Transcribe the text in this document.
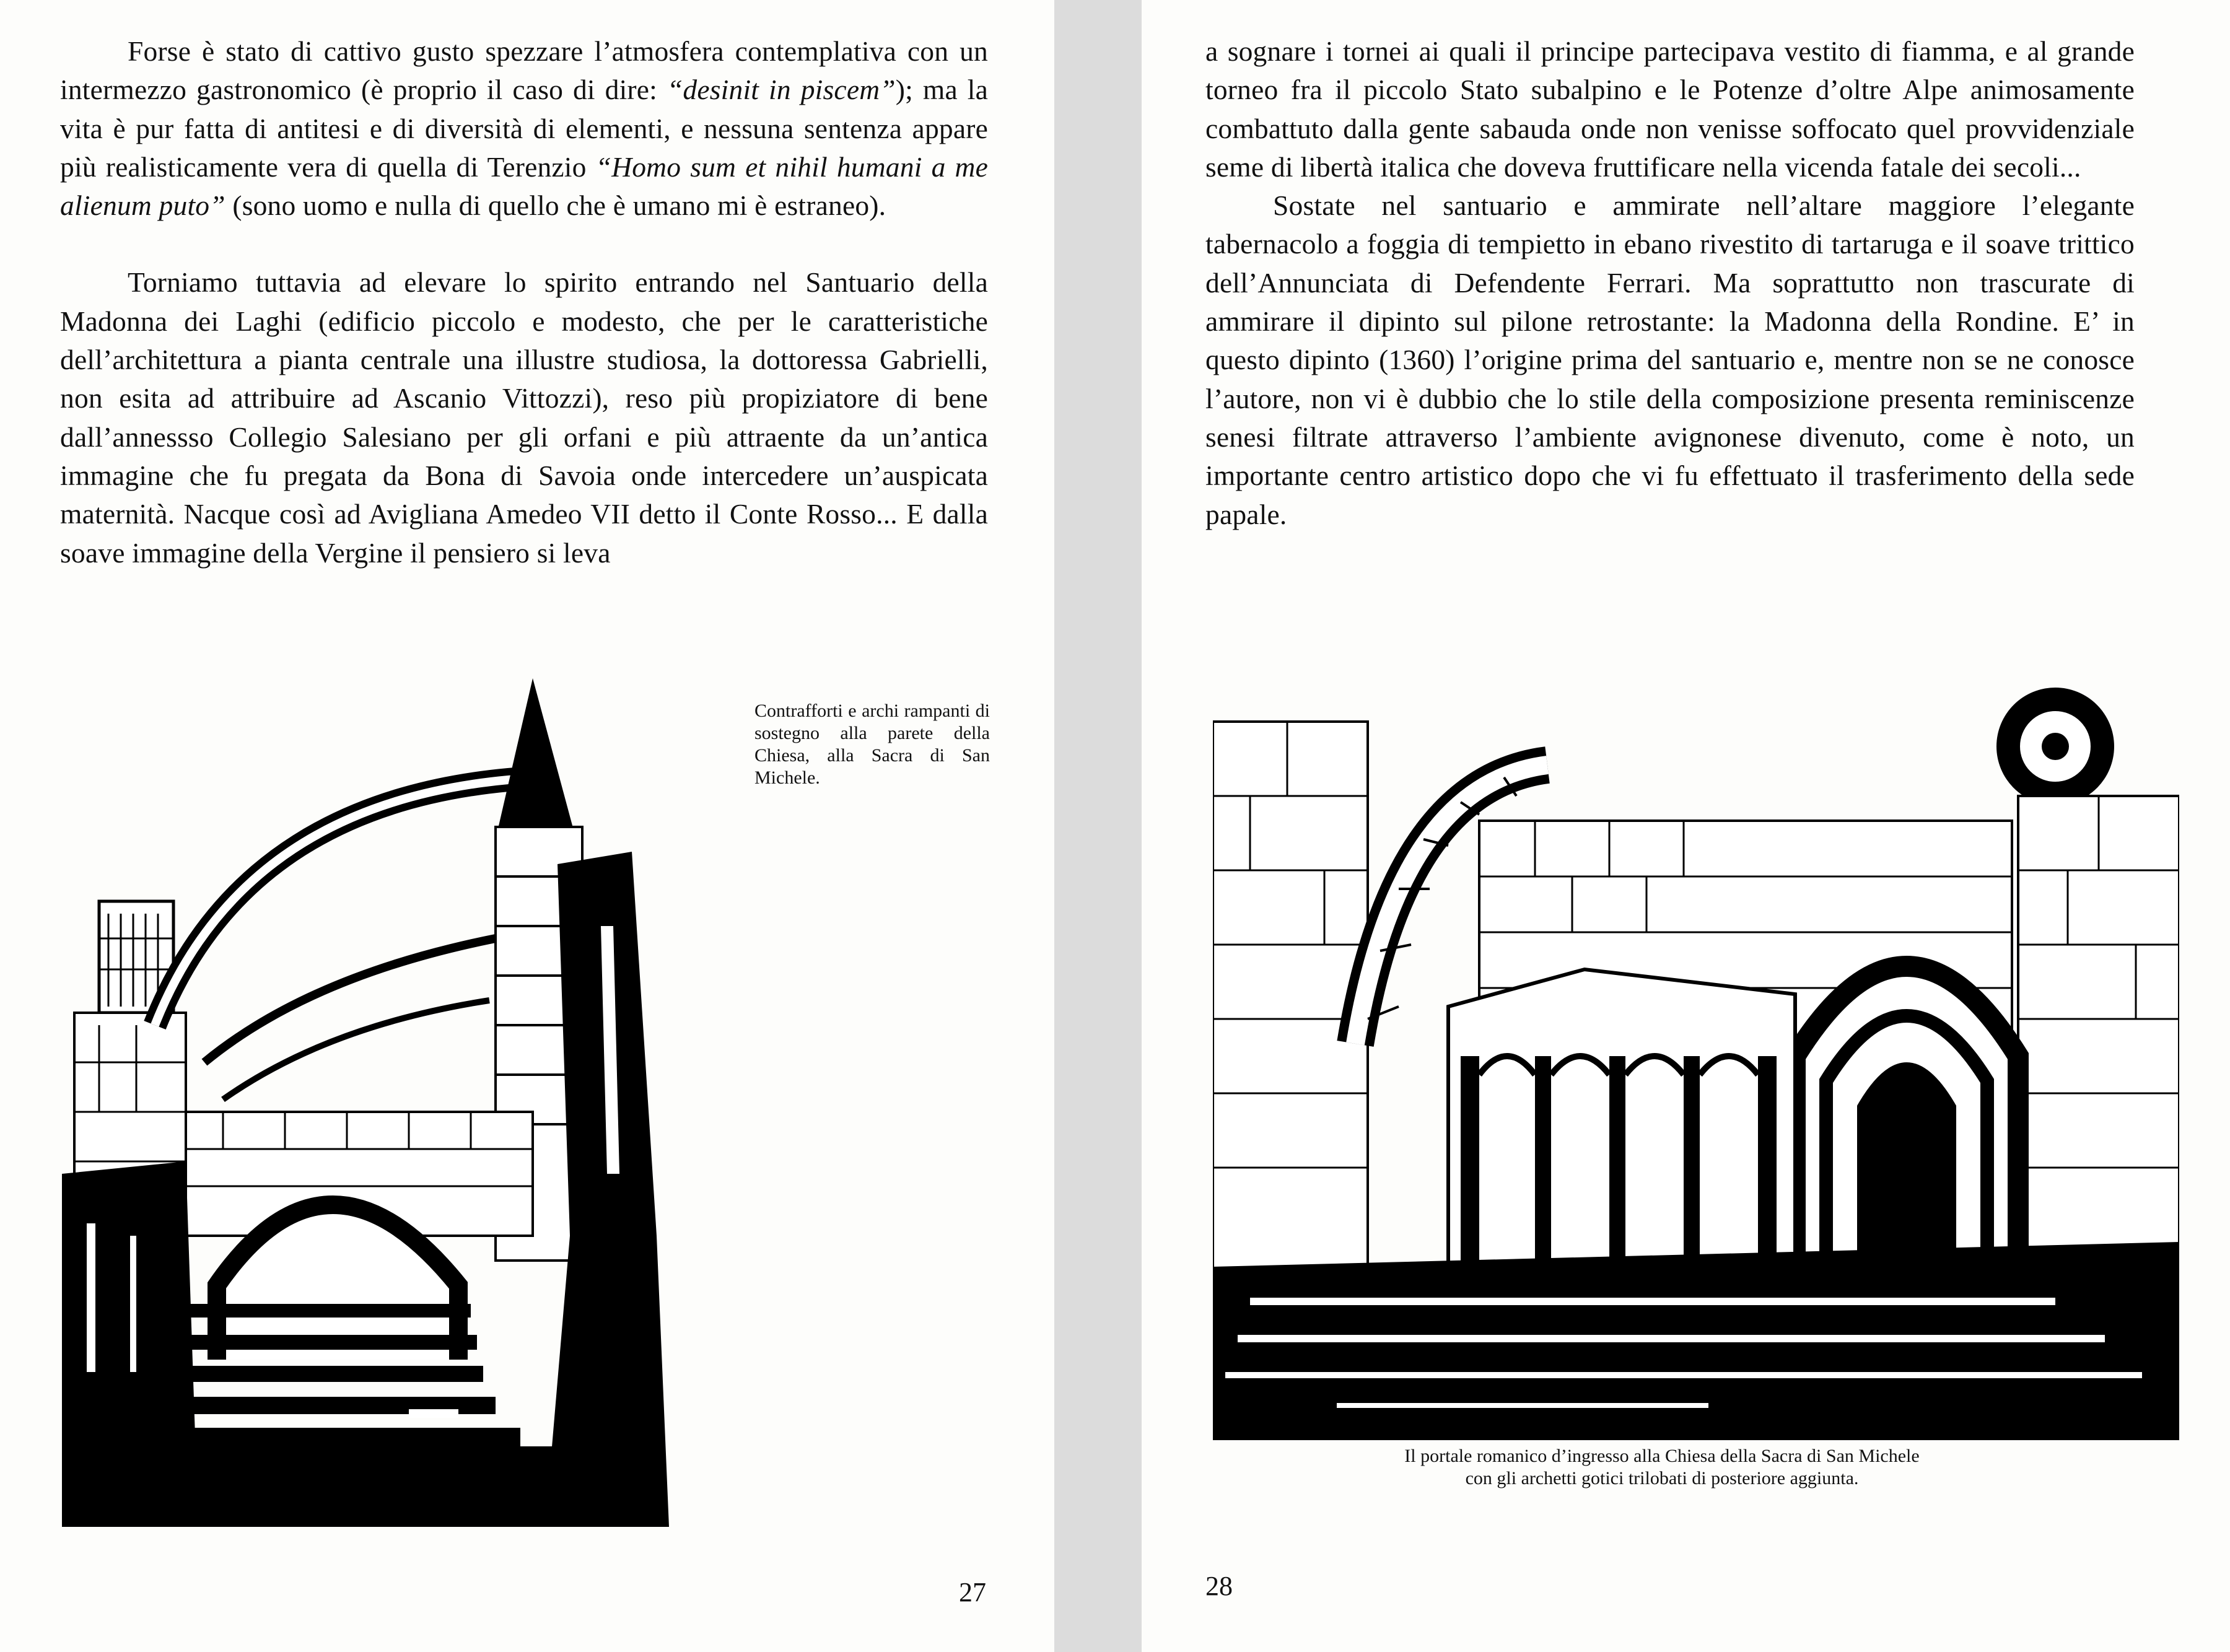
Forse è stato di cattivo gusto spezzare l’atmosfera contemplativa con un intermezzo gastronomico (è proprio il caso di dire: “desinit in piscem”); ma la vita è pur fatta di antitesi e di diversità di elementi, e nessuna sentenza appare più realisticamente vera di quella di Terenzio “Homo sum et nihil humani a me alienum puto” (sono uomo e nulla di quello che è umano mi è estraneo).

Torniamo tuttavia ad elevare lo spirito entrando nel Santuario della Madonna dei Laghi (edificio piccolo e modesto, che per le caratteristiche dell’architettura a pianta centrale una illustre studiosa, la dottoressa Gabrielli, non esita ad attribuire ad Ascanio Vittozzi), reso più propiziatore di bene dall’annessso Collegio Salesiano per gli orfani e più attraente da un’antica immagine che fu pregata da Bona di Savoia onde intercedere un’auspicata maternità. Nacque così ad Avigliana Amedeo VII detto il Conte Rosso... E dalla soave immagine della Vergine il pensiero si leva

Contrafforti e archi rampanti di sostegno alla parete della Chiesa, alla Sacra di San Michele.
27

a sognare i tornei ai quali il principe partecipava vestito di fiamma, e al grande torneo fra il piccolo Stato subalpino e le Potenze d’oltre Alpe animosamente combattuto dalla gente sabauda onde non venisse soffocato quel provvidenziale seme di libertà italica che doveva fruttificare nella vicenda fatale dei secoli...

Sostate nel santuario e ammirate nell’altare maggiore l’elegante tabernacolo a foggia di tempietto in ebano rivestito di tartaruga e il soave trittico dell’Annunciata di Defendente Ferrari. Ma soprattutto non trascurate di ammirare il dipinto sul pilone retrostante: la Madonna della Rondine. E’ in questo dipinto (1360) l’origine prima del santuario e, mentre non se ne conosce l’autore, non vi è dubbio che lo stile della composizione presenta reminiscenze senesi filtrate attraverso l’ambiente avignonese divenuto, come è noto, un importante centro artistico dopo che vi fu effettuato il trasferimento della sede papale.

Il portale romanico d’ingresso alla Chiesa della Sacra di San Michele
con gli archetti gotici trilobati di posteriore aggiunta.
28
